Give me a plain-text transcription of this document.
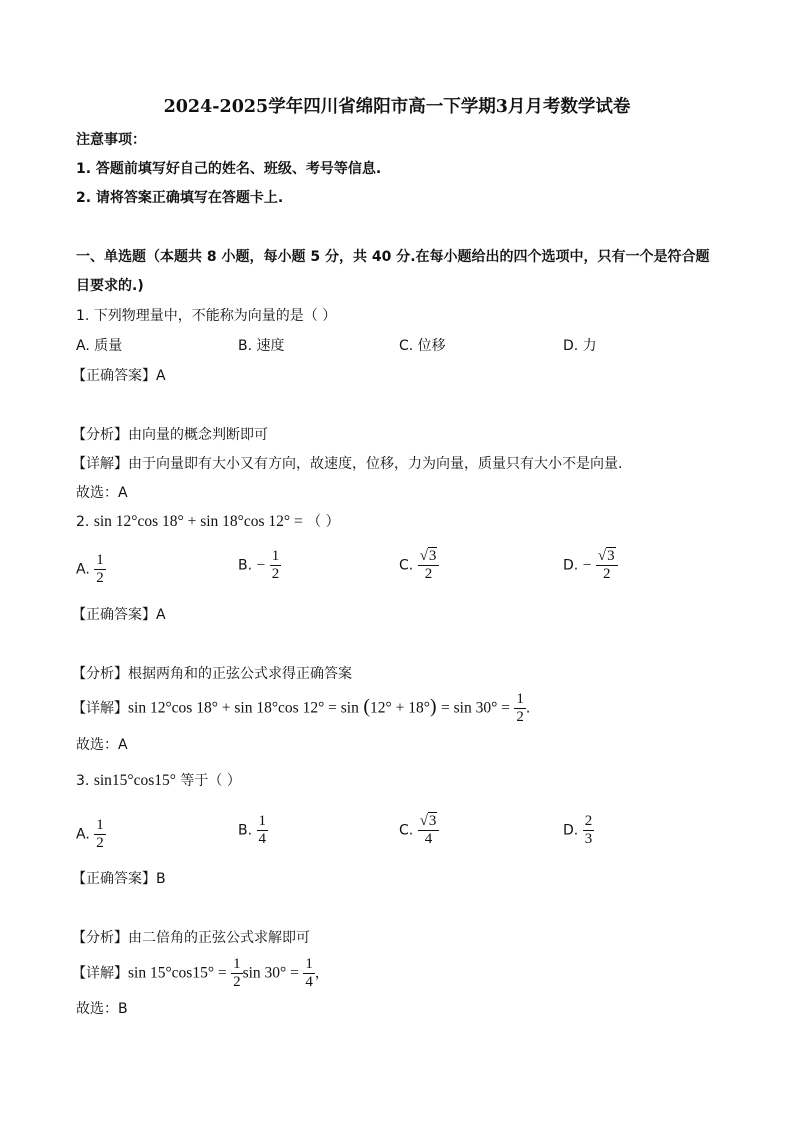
2024-2025学年四川省绵阳市高一下学期3月月考数学试卷
注意事项：
1. 答题前填写好自己的姓名、班级、考号等信息.
2. 请将答案正确填写在答题卡上.
一、单选题（本题共 8 小题，每小题 5 分，共 40 分.在每小题给出的四个选项中，只有一个是符合题
目要求的.)
1. 下列物理量中，不能称为向量的是（ ）
A. 质量	B. 速度	C. 位移	D. 力
【正确答案】A
【分析】由向量的概念判断即可
【详解】由于向量即有大小又有方向，故速度，位移，力为向量，质量只有大小不是向量.
故选：A
2. sin 12°cos 18° + sin 18°cos 12° = （ ）
A. $\frac{1}{2}$	B. − $\frac{1}{2}$	C. $\frac{√3}{2}$	D. − $\frac{√3}{2}$
【正确答案】A
【分析】根据两角和的正弦公式求得正确答案
【详解】sin 12°cos 18° + sin 18°cos $12^\circ = \sin (12^\circ + 18^\circ) = \sin 30^\circ = \frac{1}{2}$ .
故选：A
3. sin15°cos15° 等于（ ）
A. $\frac{1}{2}$	B. $\frac{1}{4}$	C. $\frac{√3}{4}$	D. $\frac{2}{3}$
【正确答案】B
【分析】由二倍角的正弦公式求解即可
【详解】$\sin 15^\circ\cos 15^\circ = \frac{1}{2}$ $\sin 30^\circ = \frac{1}{4}$ ，
故选：B
